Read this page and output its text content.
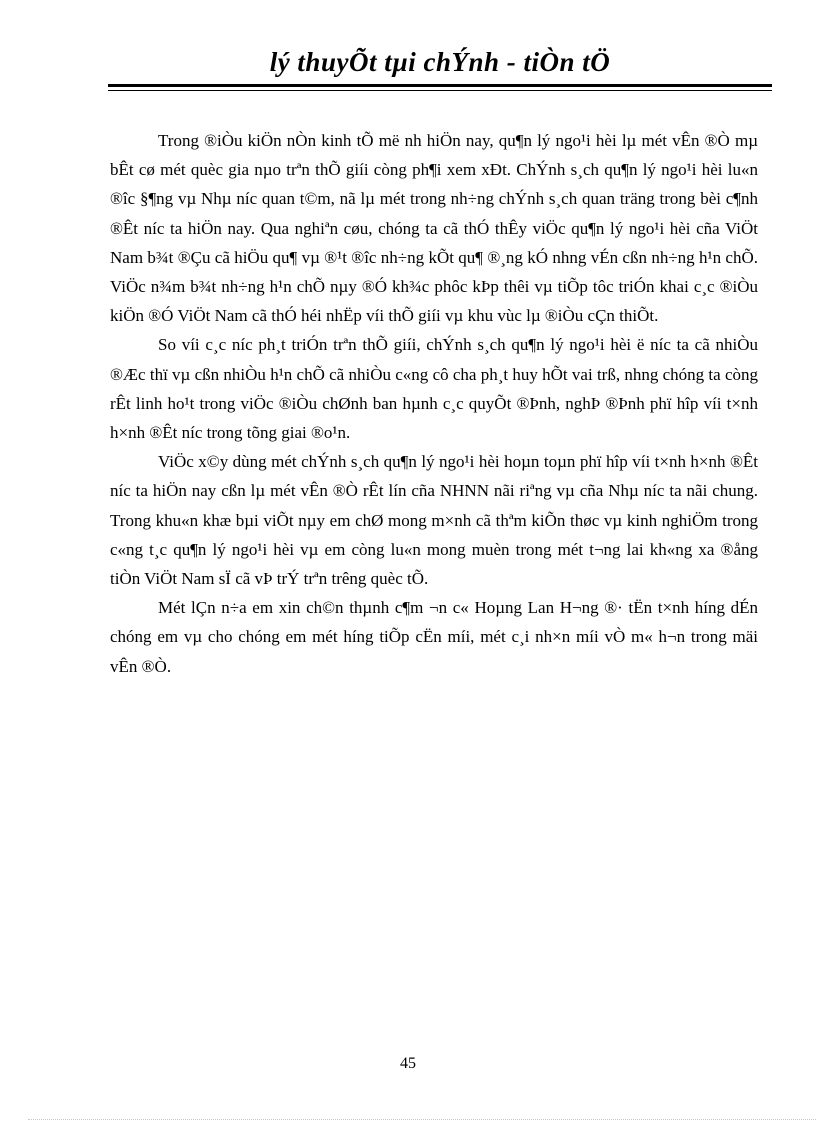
lý thuyÕt tµi chÝnh - tiÒn tÖ

Trong ®iÒu kiÖn nÒn kinh tÕ më nh hiÖn nay, qu¶n lý ngo¹i hèi lµ mét vÊn ®Ò mµ bÊt cø mét quèc gia nµo trªn thÕ giíi còng ph¶i xem xÐt. ChÝnh s¸ch qu¶n lý ngo¹i hèi lu«n ®îc §¶ng vµ Nhµ níc quan t©m, nã lµ mét trong nh÷ng chÝnh s¸ch quan träng trong bèi c¶nh ®Êt níc ta hiÖn nay. Qua nghiªn cøu, chóng ta cã thÓ thÊy viÖc qu¶n lý ngo¹i hèi cña ViÖt Nam b¾t ®Çu cã hiÖu qu¶ vµ ®¹t ®îc nh÷ng kÕt qu¶ ®¸ng kÓ nhng vÉn cßn nh÷ng h¹n chÕ. ViÖc n¾m b¾t nh÷ng h¹n chÕ nµy ®Ó kh¾c phôc kÞp thêi vµ tiÕp tôc triÓn khai c¸c ®iÒu kiÖn ®Ó ViÖt Nam cã thÓ héi nhËp víi thÕ giíi vµ khu vùc lµ ®iÒu cÇn thiÕt.

So víi c¸c níc ph¸t triÓn trªn thÕ giíi, chÝnh s¸ch qu¶n lý ngo¹i hèi ë níc ta cã nhiÒu ®Æc thï vµ cßn nhiÒu h¹n chÕ cã nhiÒu c«ng cô cha ph¸t huy hÕt vai trß, nhng chóng ta còng rÊt linh ho¹t trong viÖc ®iÒu chØnh ban hµnh c¸c quyÕt ®Þnh, nghÞ ®Þnh phï hîp víi t×nh h×nh ®Êt níc trong tõng giai ®o¹n.

ViÖc x©y dùng mét chÝnh s¸ch qu¶n lý ngo¹i hèi hoµn toµn phï hîp víi t×nh h×nh ®Êt níc ta hiÖn nay cßn lµ mét vÊn ®Ò rÊt lín cña NHNN nãi riªng vµ cña Nhµ níc ta nãi chung. Trong khu«n khæ bµi viÕt nµy em chØ mong m×nh cã thªm kiÕn thøc vµ kinh nghiÖm trong c«ng t¸c qu¶n lý ngo¹i hèi vµ em còng lu«n mong muèn trong mét t¬ng lai kh«ng xa ®ång tiÒn ViÖt Nam sÏ cã vÞ trÝ trªn trêng quèc tÕ.

Mét lÇn n÷a em xin ch©n thµnh c¶m ¬n c« Hoµng Lan H¬ng ®· tËn t×nh híng dÉn chóng em vµ cho chóng em mét híng tiÕp cËn míi, mét c¸i nh×n míi vÒ m« h¬n trong mäi vÊn ®Ò.

45
